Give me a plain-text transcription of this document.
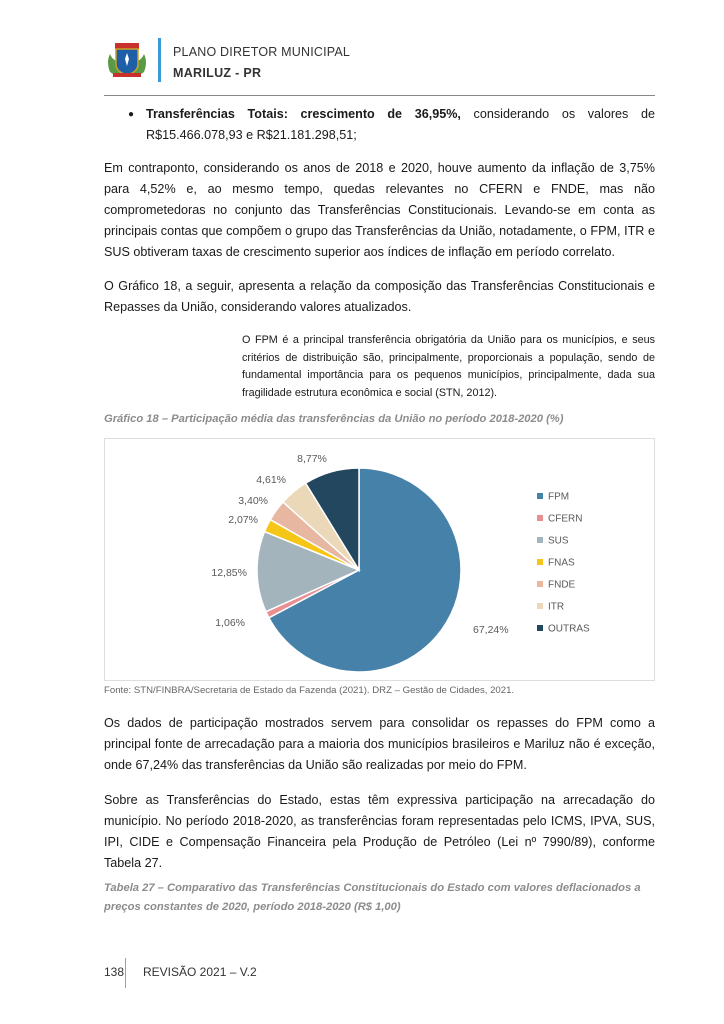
PLANO DIRETOR MUNICIPAL
MARILUZ - PR
● Transferências Totais: crescimento de 36,95%, considerando os valores de R$15.466.078,93 e R$21.181.298,51;
Em contraponto, considerando os anos de 2018 e 2020, houve aumento da inflação de 3,75% para 4,52% e, ao mesmo tempo, quedas relevantes no CFERN e FNDE, mas não comprometedoras no conjunto das Transferências Constitucionais. Levando-se em conta as principais contas que compõem o grupo das Transferências da União, notadamente, o FPM, ITR e SUS obtiveram taxas de crescimento superior aos índices de inflação em período correlato.
O Gráfico 18, a seguir, apresenta a relação da composição das Transferências Constitucionais e Repasses da União, considerando valores atualizados.
O FPM é a principal transferência obrigatória da União para os municípios, e seus critérios de distribuição são, principalmente, proporcionais a população, sendo de fundamental importância para os pequenos municípios, principalmente, dada sua fragilidade estrutura econômica e social (STN, 2012).
Gráfico 18 – Participação média das transferências da União no período 2018-2020 (%)
67,24%
1,06%
12,85%
2,07%
3,40%
4,61%
8,77%
FPM
CFERN
SUS
FNAS
FNDE
ITR
OUTRAS
Fonte: STN/FINBRA/Secretaria de Estado da Fazenda (2021). DRZ – Gestão de Cidades, 2021.
Os dados de participação mostrados servem para consolidar os repasses do FPM como a principal fonte de arrecadação para a maioria dos municípios brasileiros e Mariluz não é exceção, onde 67,24% das transferências da União são realizadas por meio do FPM.
Sobre as Transferências do Estado, estas têm expressiva participação na arrecadação do município. No período 2018-2020, as transferências foram representadas pelo ICMS, IPVA, SUS, IPI, CIDE e Compensação Financeira pela Produção de Petróleo (Lei nº 7990/89), conforme Tabela 27.
Tabela 27 – Comparativo das Transferências Constitucionais do Estado com valores deflacionados a preços constantes de 2020, período 2018-2020 (R$ 1,00)
138 REVISÃO 2021 – V.2
